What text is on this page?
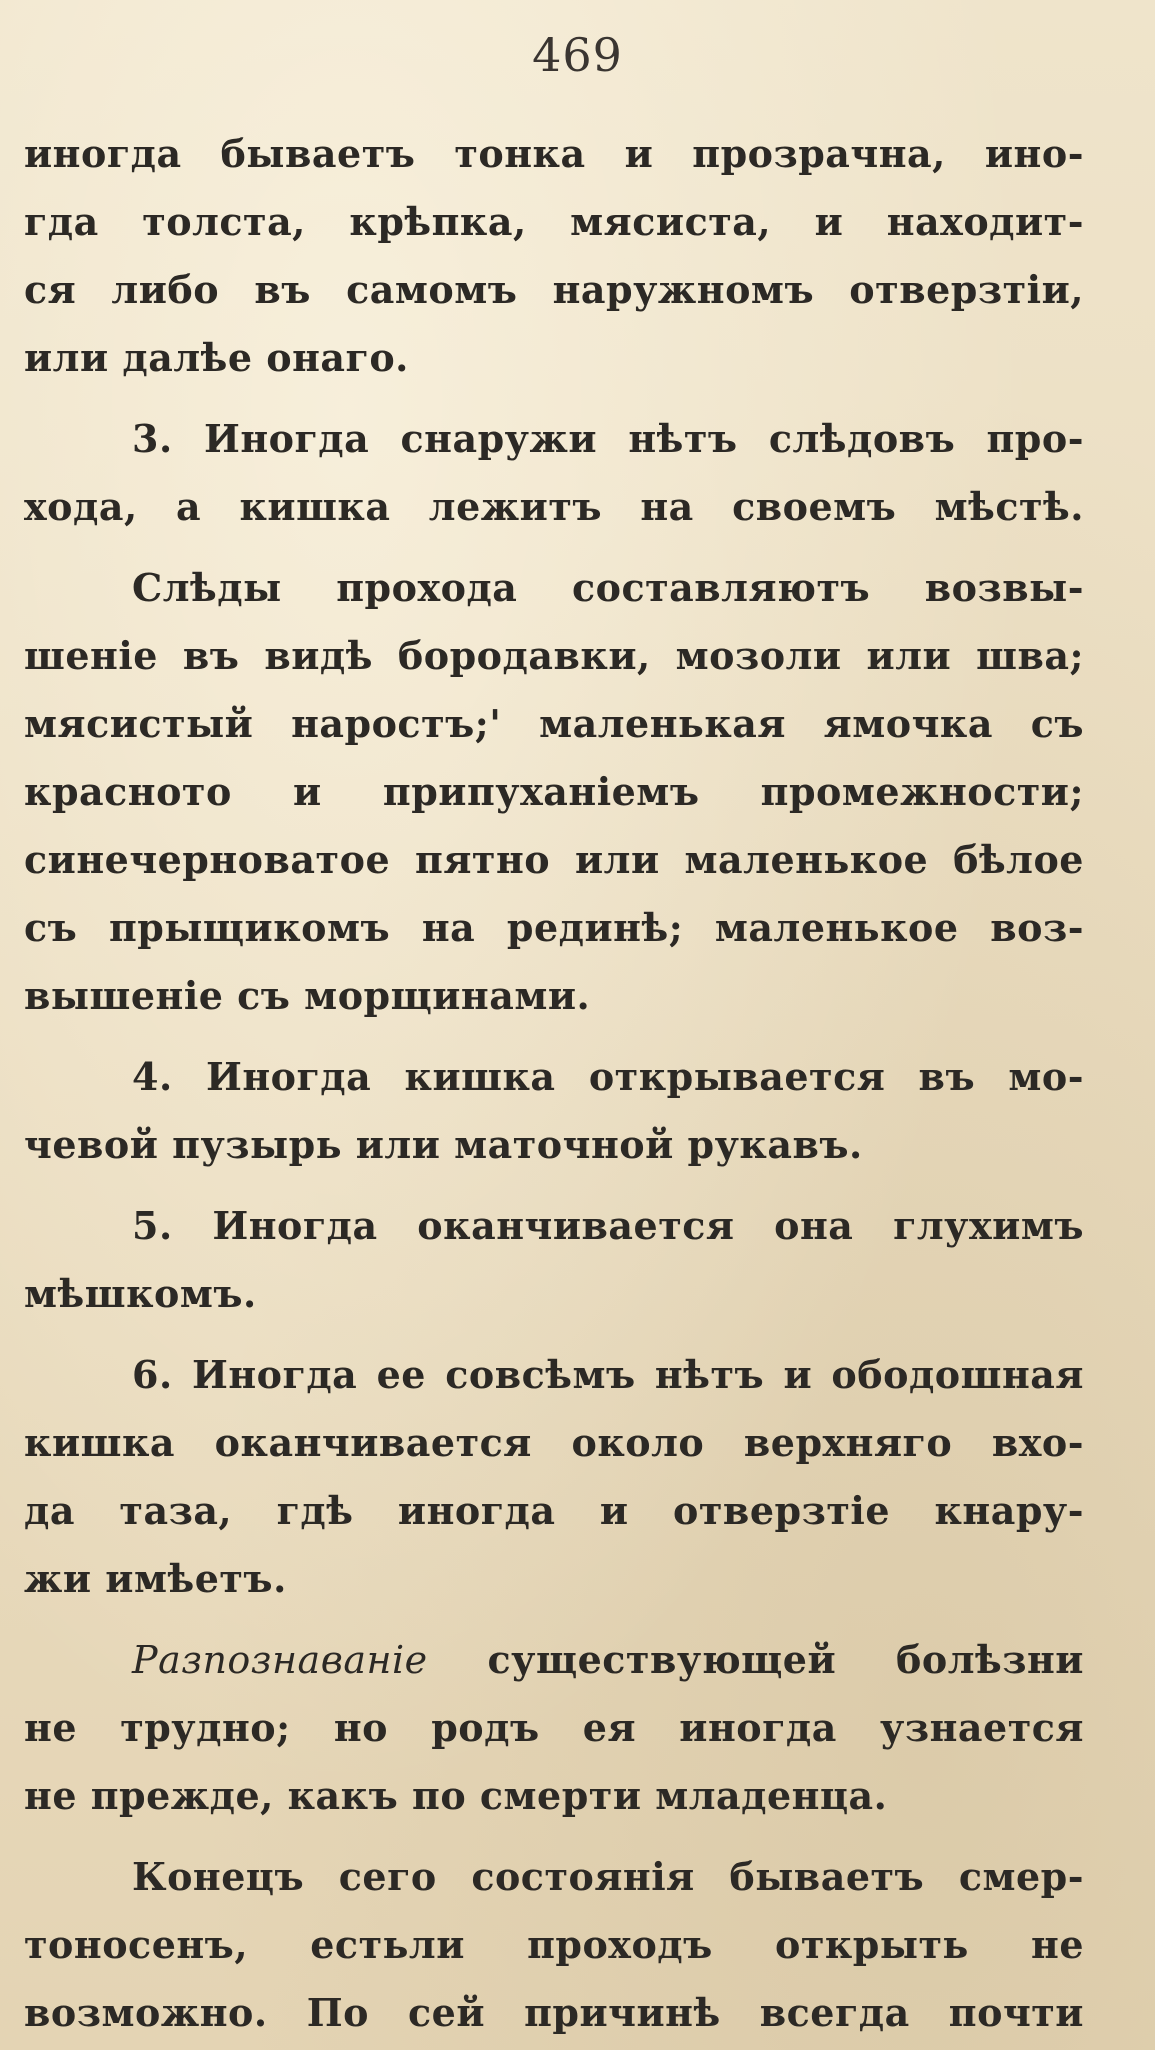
469
иногда бываетъ тонка и прозрачна, ино-
гда толста, крѣпка, мясиста, и находит-
ся либо въ самомъ наружномъ отверзтіи,
или далѣе онаго.
3. Иногда снаружи нѣтъ слѣдовъ про-
хода, а кишка лежитъ на своемъ мѣстѣ.
Слѣды прохода составляютъ возвы-
шеніе въ видѣ бородавки, мозоли или шва;
мясистый наростъ;' маленькая ямочка съ
красното и припуханіемъ промежности;
синечерноватое пятно или маленькое бѣлое
съ прыщикомъ на рединѣ; маленькое воз-
вышеніе съ морщинами.
4. Иногда кишка открывается въ мо-
чевой пузырь или маточной рукавъ.
5. Иногда оканчивается она глухимъ
мѣшкомъ.
6. Иногда ее совсѣмъ нѣтъ и ободошная
кишка оканчивается около верхняго вхо-
да таза, гдѣ иногда и отверзтіе кнару-
жи имѣетъ.
Разпознаваніе существующей болѣзни
не трудно; но родъ ея иногда узнается
не прежде, какъ по смерти младенца.
Конецъ сего состоянія бываетъ смер-
тоносенъ, естьли проходъ открыть не
возможно. По сей причинѣ всегда почти
